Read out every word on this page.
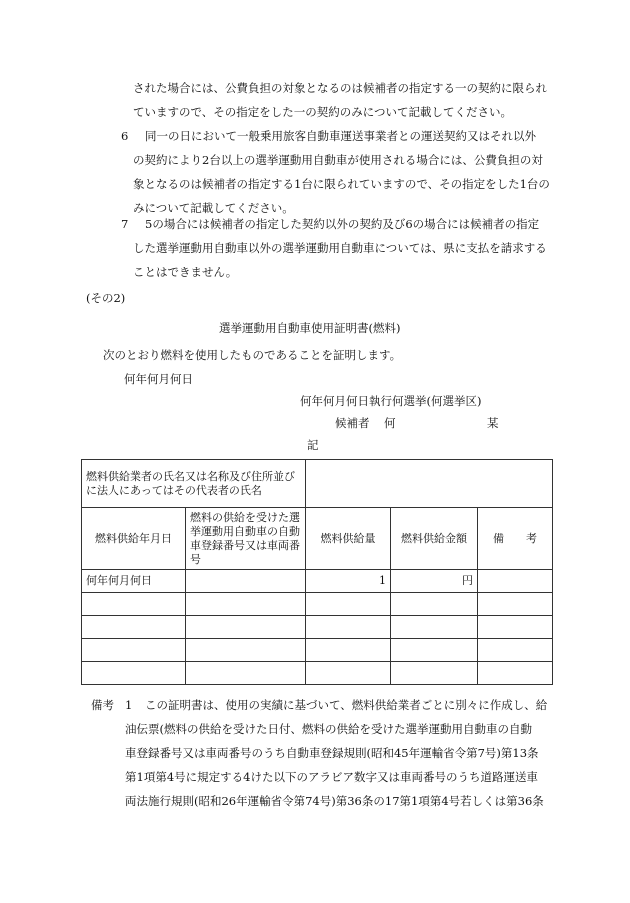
された場合には、公費負担の対象となるのは候補者の指定する一の契約に限られ
ていますので、その指定をした一の契約のみについて記載してください。
6 同一の日において一般乗用旅客自動車運送事業者との運送契約又はそれ以外
の契約により2台以上の選挙運動用自動車が使用される場合には、公費負担の対
象となるのは候補者の指定する1台に限られていますので、その指定をした1台の
みについて記載してください。
7 5の場合には候補者の指定した契約以外の契約及び6の場合には候補者の指定
した選挙運動用自動車以外の選挙運動用自動車については、県に支払を請求する
ことはできません。
(その2)
選挙運動用自動車使用証明書(燃料)
次のとおり燃料を使用したものであることを証明します。
何年何月何日
何年何月何日執行何選挙(何選挙区)
候補者 何	某
記
燃料供給業者の氏名又は名称及び住所並びに法人にあってはその代表者の氏名				
燃料供給年月日	燃料の供給を受けた選挙運動用自動車の自動車登録番号又は車両番号	燃料供給量	燃料供給金額	備 考
何年何月何日		1	円	

備考 1 この証明書は、使用の実績に基づいて、燃料供給業者ごとに別々に作成し、給
油伝票(燃料の供給を受けた日付、燃料の供給を受けた選挙運動用自動車の自動
車登録番号又は車両番号のうち自動車登録規則(昭和45年運輸省令第7号)第13条
第1項第4号に規定する4けた以下のアラビア数字又は車両番号のうち道路運送車
両法施行規則(昭和26年運輸省令第74号)第36条の17第1項第4号若しくは第36条
